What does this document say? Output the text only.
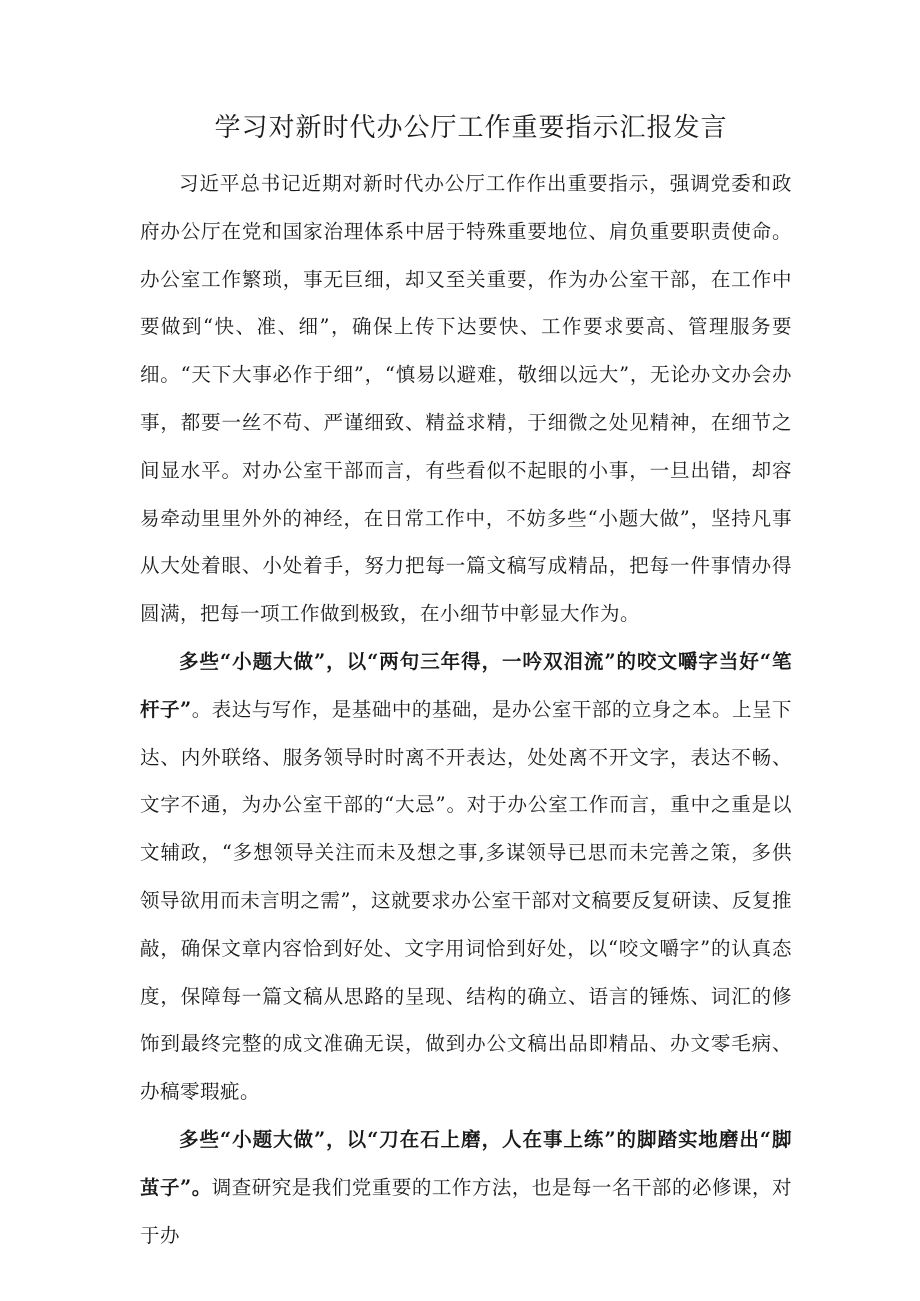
学习对新时代办公厅工作重要指示汇报发言

习近平总书记近期对新时代办公厅工作作出重要指示，强调党委和政府办公厅在党和国家治理体系中居于特殊重要地位、肩负重要职责使命。办公室工作繁琐，事无巨细，却又至关重要，作为办公室干部，在工作中要做到“快、准、细”，确保上传下达要快、工作要求要高、管理服务要细。“天下大事必作于细”，“慎易以避难，敬细以远大”，无论办文办会办事，都要一丝不苟、严谨细致、精益求精，于细微之处见精神，在细节之间显水平。对办公室干部而言，有些看似不起眼的小事，一旦出错，却容易牵动里里外外的神经，在日常工作中，不妨多些“小题大做”，坚持凡事从大处着眼、小处着手，努力把每一篇文稿写成精品，把每一件事情办得圆满，把每一项工作做到极致，在小细节中彰显大作为。

多些“小题大做”，以“两句三年得，一吟双泪流”的咬文嚼字当好“笔杆子”。表达与写作，是基础中的基础，是办公室干部的立身之本。上呈下达、内外联络、服务领导时时离不开表达，处处离不开文字，表达不畅、文字不通，为办公室干部的“大忌”。对于办公室工作而言，重中之重是以文辅政，“多想领导关注而未及想之事,多谋领导已思而未完善之策，多供领导欲用而未言明之需”，这就要求办公室干部对文稿要反复研读、反复推敲，确保文章内容恰到好处、文字用词恰到好处，以“咬文嚼字”的认真态度，保障每一篇文稿从思路的呈现、结构的确立、语言的锤炼、词汇的修饰到最终完整的成文准确无误，做到办公文稿出品即精品、办文零毛病、办稿零瑕疵。

多些“小题大做”，以“刀在石上磨，人在事上练”的脚踏实地磨出“脚茧子”。调查研究是我们党重要的工作方法，也是每一名干部的必修课，对于办
